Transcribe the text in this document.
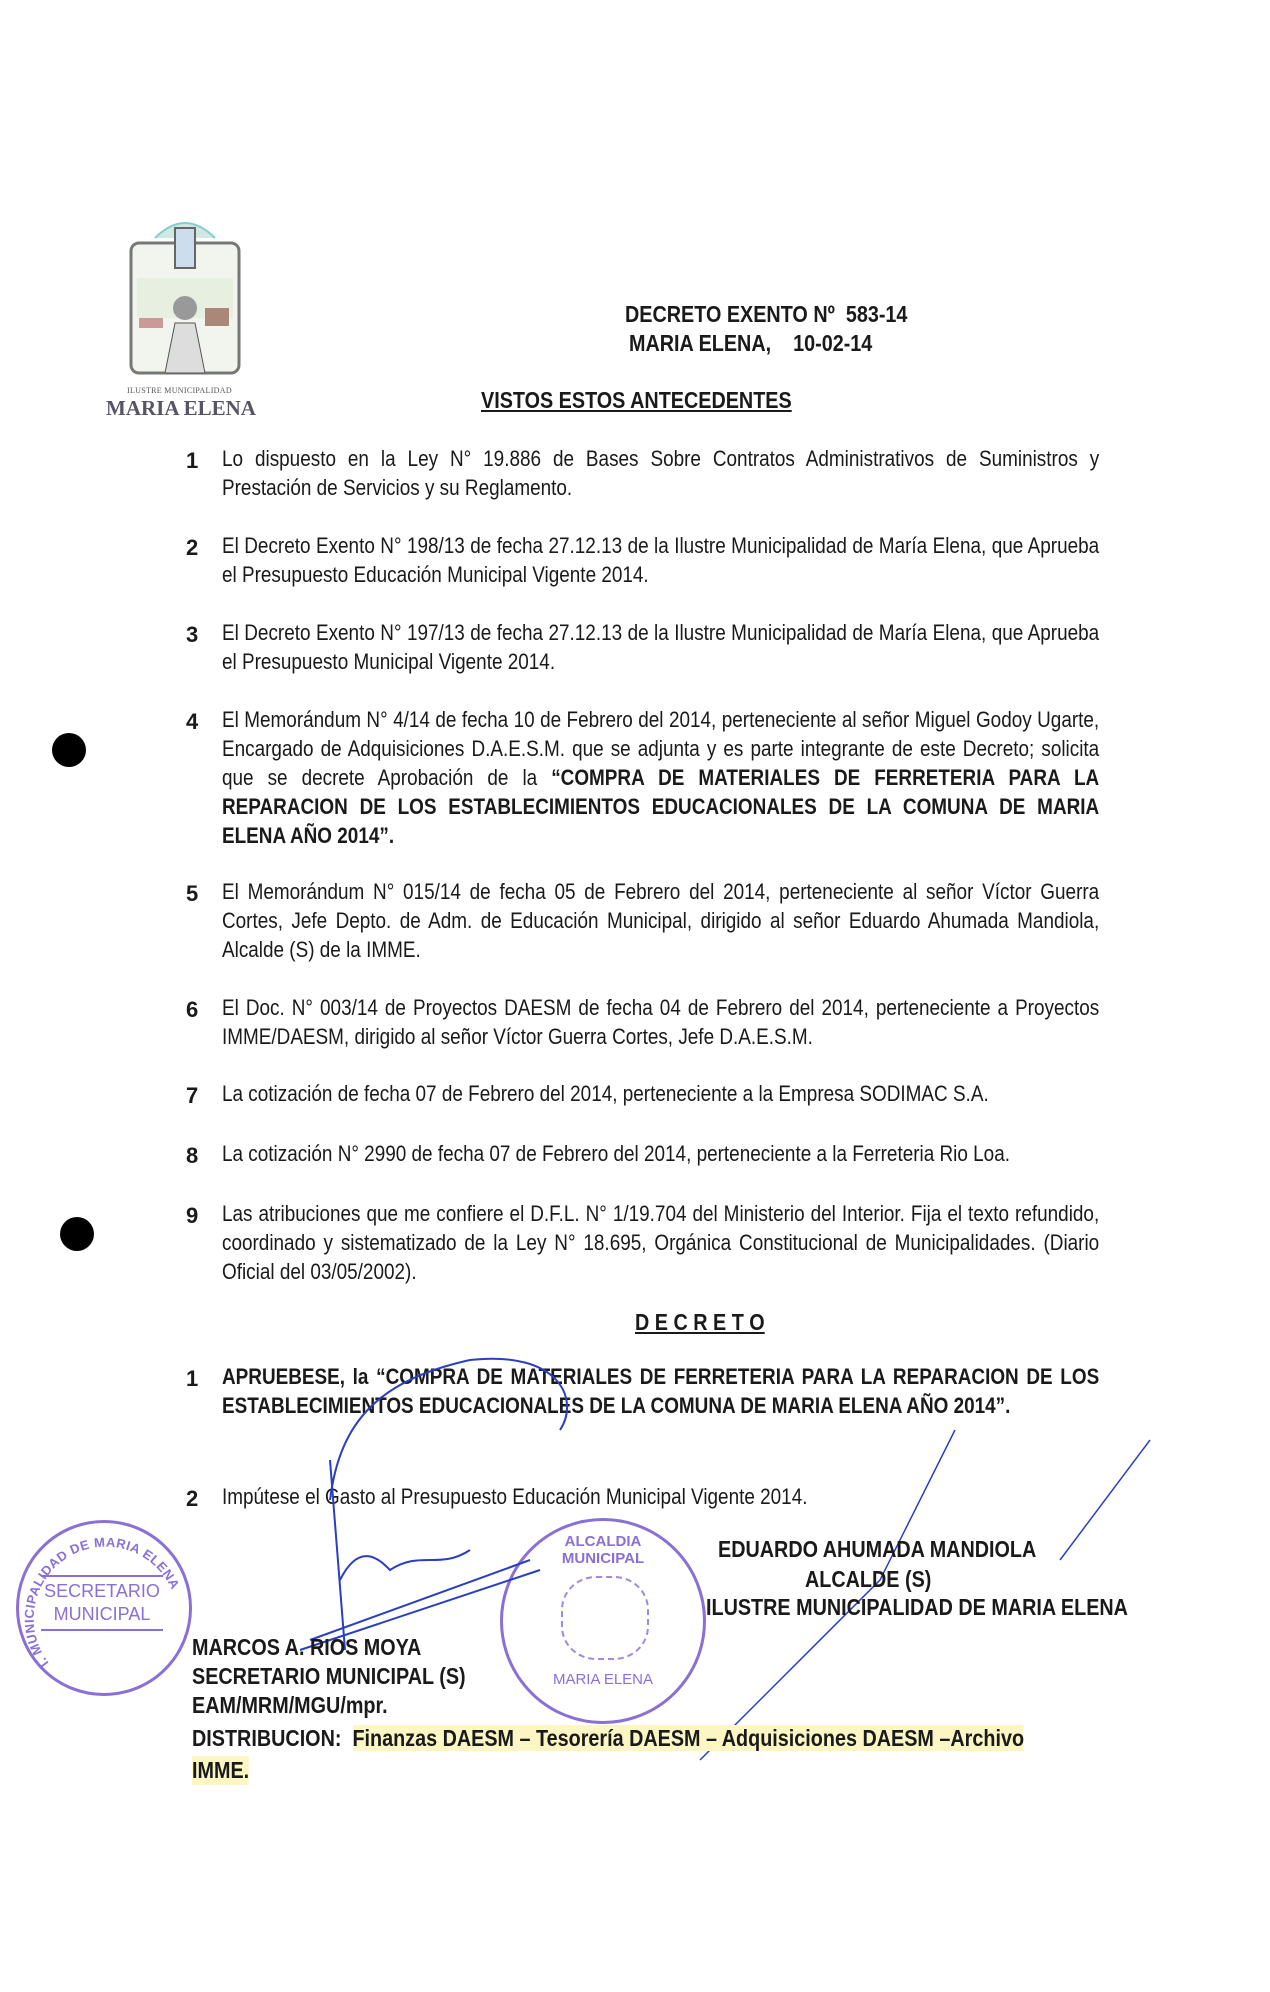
ILUSTRE MUNICIPALIDAD
MARIA ELENA
DECRETO EXENTO Nº  583-14
MARIA ELENA,    10-02-14
VISTOS ESTOS ANTECEDENTES
1	Lo dispuesto en la Ley N° 19.886 de Bases Sobre Contratos Administrativos de Suministros y Prestación de Servicios y su Reglamento.
2	El Decreto Exento N° 198/13 de fecha 27.12.13 de la Ilustre Municipalidad de María Elena, que Aprueba el Presupuesto Educación Municipal Vigente 2014.
3	El Decreto Exento N° 197/13 de fecha 27.12.13 de la Ilustre Municipalidad de María Elena, que Aprueba el Presupuesto Municipal Vigente 2014.
4	El Memorándum N° 4/14 de fecha 10 de Febrero del 2014, perteneciente al señor Miguel Godoy Ugarte, Encargado de Adquisiciones D.A.E.S.M. que se adjunta y es parte integrante de este Decreto; solicita que se decrete Aprobación de la “COMPRA DE MATERIALES DE FERRETERIA PARA LA REPARACION DE LOS ESTABLECIMIENTOS EDUCACIONALES DE LA COMUNA DE MARIA ELENA AÑO 2014”.
5	El Memorándum N° 015/14 de fecha 05 de Febrero del 2014, perteneciente al señor Víctor Guerra Cortes, Jefe Depto. de Adm. de Educación Municipal, dirigido al señor Eduardo Ahumada Mandiola, Alcalde (S) de la IMME.
6	El Doc. N° 003/14 de Proyectos DAESM de fecha 04 de Febrero del 2014, perteneciente a Proyectos IMME/DAESM, dirigido al señor Víctor Guerra Cortes, Jefe D.A.E.S.M.
7	La cotización de fecha 07 de Febrero del 2014, perteneciente a la Empresa SODIMAC S.A.
8	La cotización N° 2990 de fecha 07 de Febrero del 2014, perteneciente a la Ferreteria Rio Loa.
9	Las atribuciones que me confiere el D.F.L. N° 1/19.704 del Ministerio del Interior. Fija el texto refundido, coordinado y sistematizado de la Ley N° 18.695, Orgánica Constitucional de Municipalidades. (Diario Oficial del 03/05/2002).
D E C R E T O
1	APRUEBESE, la “COMPRA DE MATERIALES DE FERRETERIA PARA LA REPARACION DE LOS ESTABLECIMIENTOS EDUCACIONALES DE LA COMUNA DE MARIA ELENA AÑO 2014”.
2	Impútese el Gasto al Presupuesto Educación Municipal Vigente 2014.
I. MUNICIPALIDAD DE MARIA ELENA
SECRETARIO
MUNICIPAL
ALCALDIA MUNICIPAL
MARIA ELENA
EDUARDO AHUMADA MANDIOLA
ALCALDE (S)
ILUSTRE MUNICIPALIDAD DE MARIA ELENA
MARCOS A. RIOS MOYA
SECRETARIO MUNICIPAL (S)
EAM/MRM/MGU/mpr.
DISTRIBUCION: Finanzas DAESM – Tesorería DAESM – Adquisiciones DAESM –Archivo
IMME.
